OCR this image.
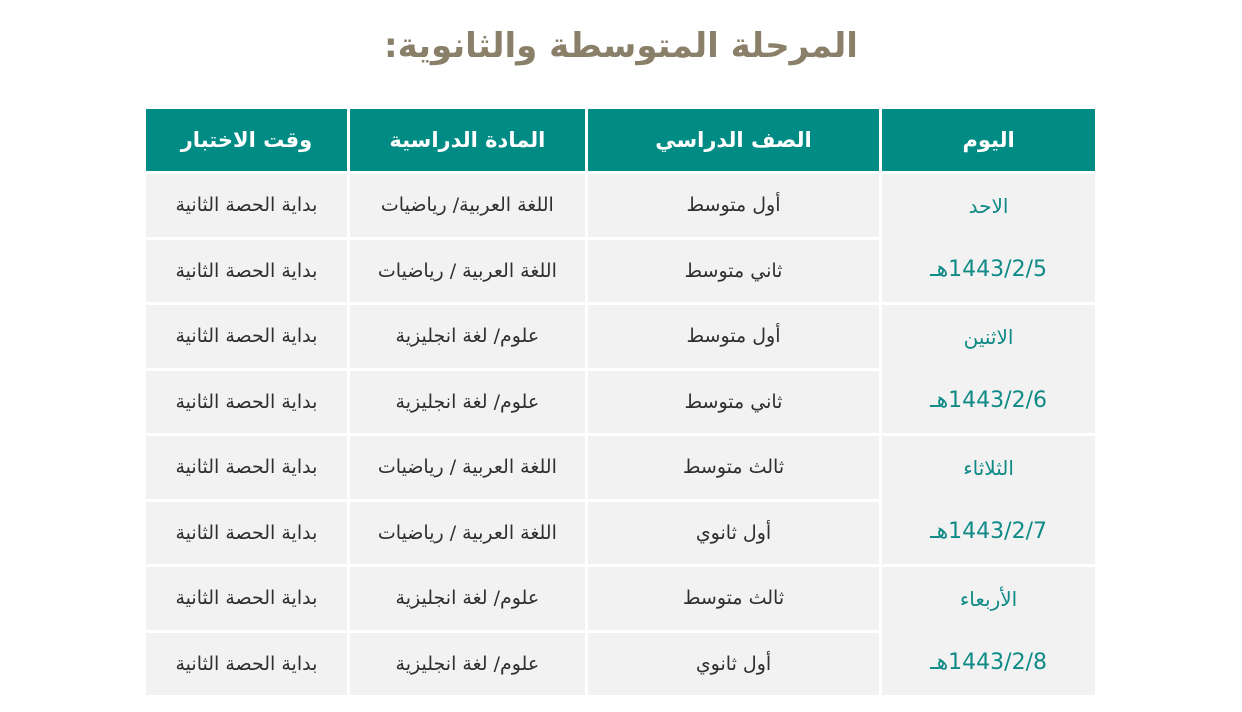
المرحلة المتوسطة والثانوية:
اليوم	الصف الدراسي	المادة الدراسية	وقت الاختبار

الاحد
1443/2/5هـ	أول متوسط	اللغة العربية/ رياضيات	بداية الحصة الثانية
	ثاني متوسط	اللغة العربية / رياضيات	بداية الحصة الثانية

الاثنين
1443/2/6هـ	أول متوسط	علوم/ لغة انجليزية	بداية الحصة الثانية
	ثاني متوسط	علوم/ لغة انجليزية	بداية الحصة الثانية

الثلاثاء
1443/2/7هـ	ثالث متوسط	اللغة العربية / رياضيات	بداية الحصة الثانية
	أول ثانوي	اللغة العربية / رياضيات	بداية الحصة الثانية

الأربعاء
1443/2/8هـ	ثالث متوسط	علوم/ لغة انجليزية	بداية الحصة الثانية
	أول ثانوي	علوم/ لغة انجليزية	بداية الحصة الثانية
